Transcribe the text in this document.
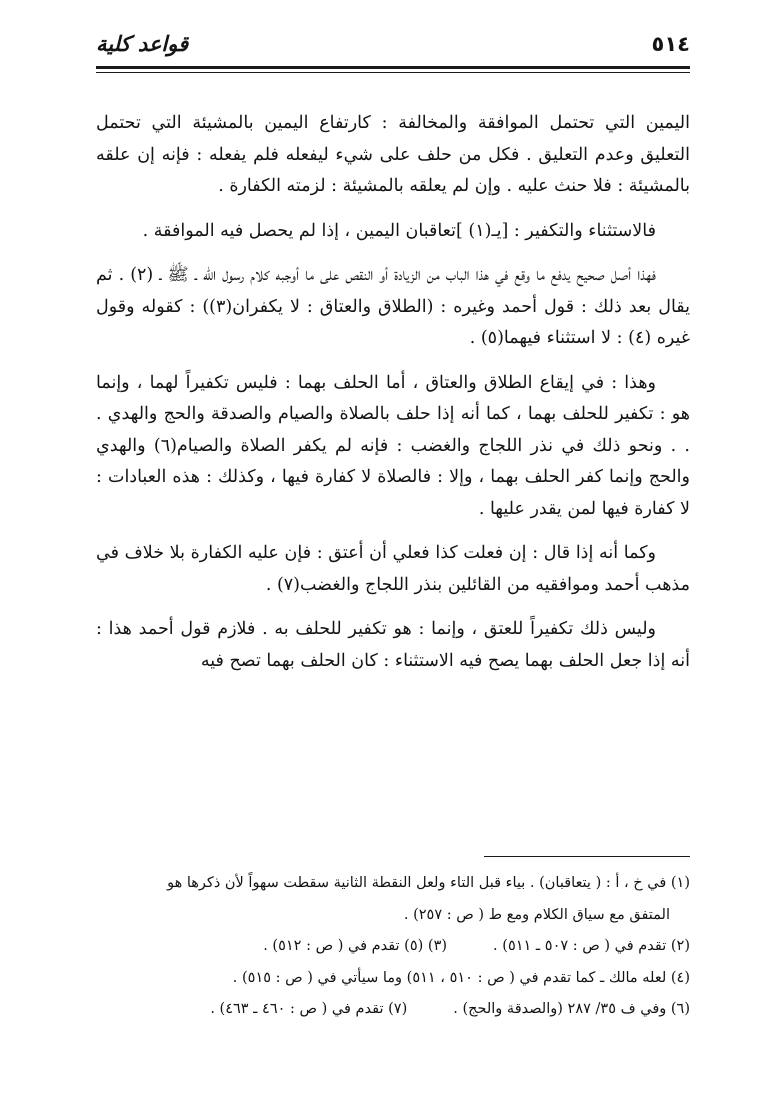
٥١٤
قواعد كلية

اليمين التي تحتمل الموافقة والمخالفة : كارتفاع اليمين بالمشيئة التي تحتمل التعليق وعدم التعليق . فكل من حلف على شيء ليفعله فلم يفعله : فإنه إن علقه بالمشيئة : فلا حنث عليه . وإن لم يعلقه بالمشيئة : لزمته الكفارة .

فالاستثناء والتكفير : [يـ(١) ]تعاقبان اليمين ، إذا لم يحصل فيه الموافقة .

فهذا أصل صحيح يدفع ما وقع في هذا الباب من الزيادة أو النقص على ما أوجبه كلام رسول الله ـ ﷺ ـ (٢) . ثم يقال بعد ذلك : قول أحمد وغيره : (الطلاق والعتاق : لا يكفران(٣)) : كقوله وقول غيره (٤) : لا استثناء فيهما(٥) .

وهذا : في إيقاع الطلاق والعتاق ، أما الحلف بهما : فليس تكفيراً لهما ، وإنما هو : تكفير للحلف بهما ، كما أنه إذا حلف بالصلاة والصيام والصدقة والحج والهدي . . . ونحو ذلك في نذر اللجاج والغضب : فإنه لم يكفر الصلاة والصيام(٦) والهدي والحج وإنما كفر الحلف بهما ، وإلا : فالصلاة لا كفارة فيها ، وكذلك : هذه العبادات : لا كفارة فيها لمن يقدر عليها .

وكما أنه إذا قال : إن فعلت كذا فعلي أن أعتق : فإن عليه الكفارة بلا خلاف في مذهب أحمد وموافقيه من القائلين بنذر اللجاج والغضب(٧) .

وليس ذلك تكفيراً للعتق ، وإنما : هو تكفير للحلف به . فلازم قول أحمد هذا : أنه إذا جعل الحلف بهما يصح فيه الاستثناء : كان الحلف بهما تصح فيه

(١) في خ ، أ : ( يتعاقبان) . بياء قبل التاء ولعل النقطة الثانية سقطت سهواً لأن ذكرها هو

المتفق مع سياق الكلام ومع ط ( ص : ٢٥٧) .

(٢) تقدم في ( ص : ٥٠٧ ـ ٥١١) .(٣) (٥) تقدم في ( ص : ٥١٢) .

(٤) لعله مالك ـ كما تقدم في ( ص : ٥١٠ ، ٥١١) وما سيأتي في ( ص : ٥١٥) .

(٦) وفي ف ٣٥/ ٢٨٧ (والصدقة والحج) .(٧) تقدم في ( ص : ٤٦٠ ـ ٤٦٣) .
